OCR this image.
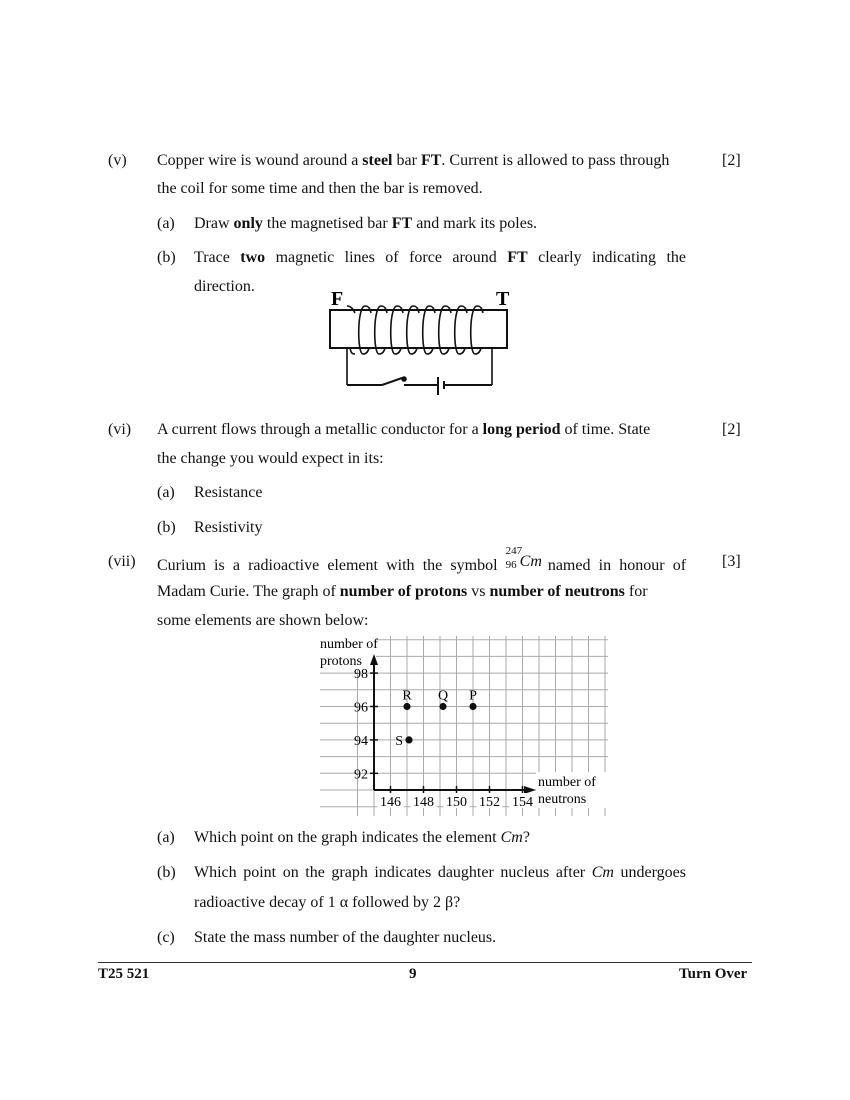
(v)	[2]
Copper wire is wound around a steel bar FT. Current is allowed to pass through
the coil for some time and then the bar is removed.
(a) Draw only the magnetised bar FT and mark its poles.
(b) Trace two magnetic lines of force around FT clearly indicating the
direction.
F	T
(vi)	[2]
A current flows through a metallic conductor for a long period of time. State
the change you would expect in its:
(a) Resistance
(b) Resistivity
(vii)	[3]
Curium is a radioactive element with the symbol
247
96 Cm named in honour of
Madam Curie. The graph of number of protons vs number of neutrons for
some elements are shown below:
number of
protons
number of
neutrons
92
94
96
98
146 148 150 152 154
R Q P
S
(a) Which point on the graph indicates the element Cm?
(b) Which point on the graph indicates daughter nucleus after Cm undergoes
radioactive decay of 1 α followed by 2 β?
(c) State the mass number of the daughter nucleus.
T25 521	9	Turn Over
